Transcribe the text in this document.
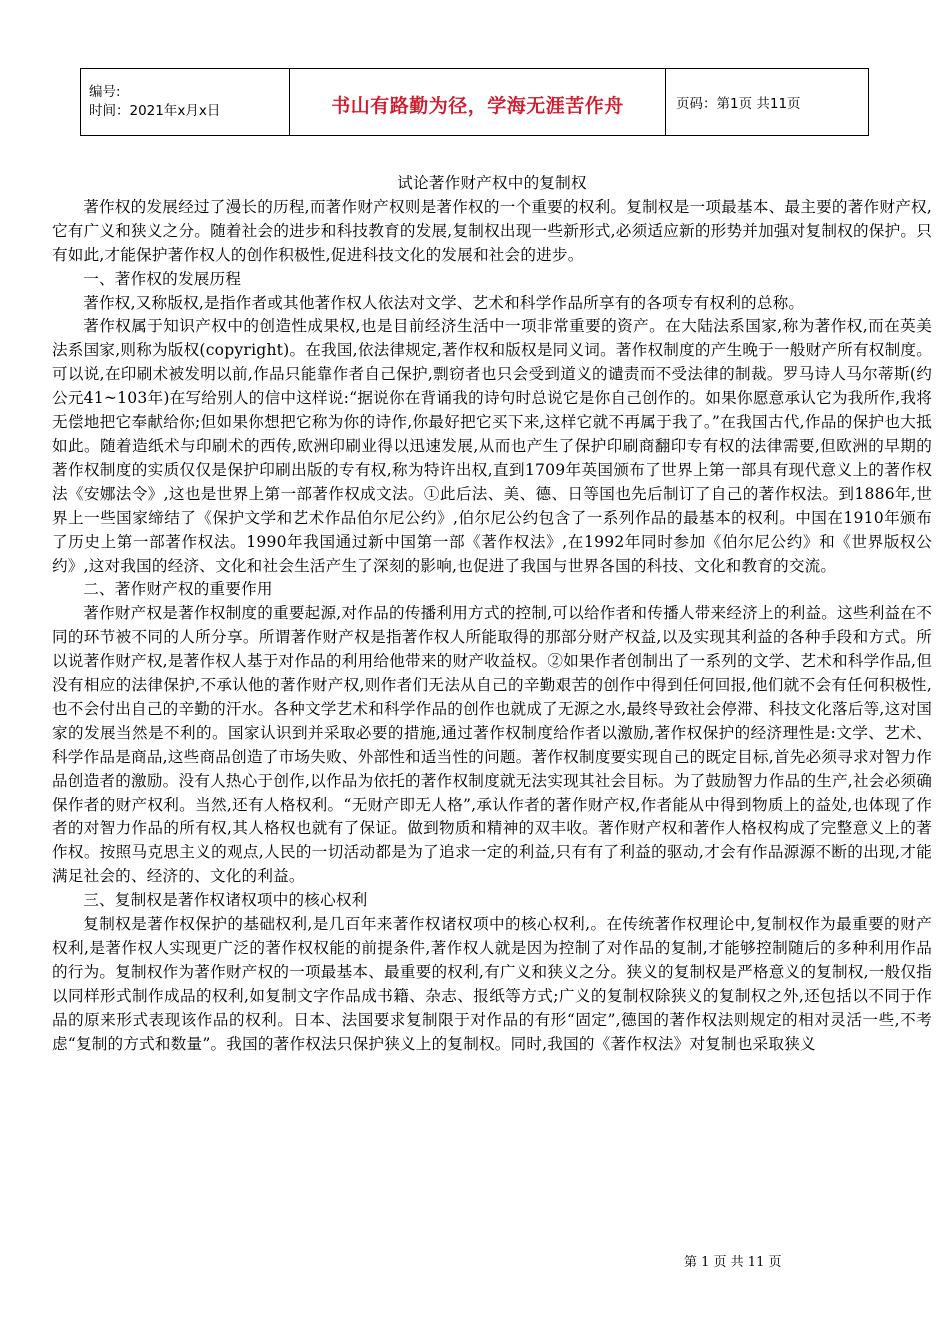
编号:
时间：2021年x月x日	书山有路勤为径，学海无涯苦作舟	页码：第1页 共11页
试论著作财产权中的复制权

著作权的发展经过了漫长的历程,而著作财产权则是著作权的一个重要的权利。复制权是一项最基本、最主要的著作财产权,它有广义和狭义之分。随着社会的进步和科技教育的发展,复制权出现一些新形式,必须适应新的形势并加强对复制权的保护。只有如此,才能保护著作权人的创作积极性,促进科技文化的发展和社会的进步。

一、著作权的发展历程

著作权,又称版权,是指作者或其他著作权人依法对文学、艺术和科学作品所享有的各项专有权利的总称。

著作权属于知识产权中的创造性成果权,也是目前经济生活中一项非常重要的资产。在大陆法系国家,称为著作权,而在英美法系国家,则称为版权(copyright)。在我国,依法律规定,著作权和版权是同义词。著作权制度的产生晚于一般财产所有权制度。可以说,在印刷术被发明以前,作品只能靠作者自己保护,剽窃者也只会受到道义的谴责而不受法律的制裁。罗马诗人马尔蒂斯(约公元41~103年)在写给别人的信中这样说:“据说你在背诵我的诗句时总说它是你自己创作的。如果你愿意承认它为我所作,我将无偿地把它奉献给你;但如果你想把它称为你的诗作,你最好把它买下来,这样它就不再属于我了。”在我国古代,作品的保护也大抵如此。随着造纸术与印刷术的西传,欧洲印刷业得以迅速发展,从而也产生了保护印刷商翻印专有权的法律需要,但欧洲的早期的著作权制度的实质仅仅是保护印刷出版的专有权,称为特许出权,直到1709年英国颁布了世界上第一部具有现代意义上的著作权法《安娜法令》,这也是世界上第一部著作权成文法。①此后法、美、德、日等国也先后制订了自己的著作权法。到1886年,世界上一些国家缔结了《保护文学和艺术作品伯尔尼公约》,伯尔尼公约包含了一系列作品的最基本的权利。中国在1910年颁布了历史上第一部著作权法。1990年我国通过新中国第一部《著作权法》,在1992年同时参加《伯尔尼公约》和《世界版权公约》,这对我国的经济、文化和社会生活产生了深刻的影响,也促进了我国与世界各国的科技、文化和教育的交流。

二、著作财产权的重要作用

著作财产权是著作权制度的重要起源,对作品的传播利用方式的控制,可以给作者和传播人带来经济上的利益。这些利益在不同的环节被不同的人所分享。所谓著作财产权是指著作权人所能取得的那部分财产权益,以及实现其利益的各种手段和方式。所以说著作财产权,是著作权人基于对作品的利用给他带来的财产收益权。②如果作者创制出了一系列的文学、艺术和科学作品,但没有相应的法律保护,不承认他的著作财产权,则作者们无法从自己的辛勤艰苦的创作中得到任何回报,他们就不会有任何积极性,也不会付出自己的辛勤的汗水。各种文学艺术和科学作品的创作也就成了无源之水,最终导致社会停滞、科技文化落后等,这对国家的发展当然是不利的。国家认识到并采取必要的措施,通过著作权制度给作者以激励,著作权保护的经济理性是:文学、艺术、科学作品是商品,这些商品创造了市场失败、外部性和适当性的问题。著作权制度要实现自己的既定目标,首先必须寻求对智力作品创造者的激励。没有人热心于创作,以作品为依托的著作权制度就无法实现其社会目标。为了鼓励智力作品的生产,社会必须确保作者的财产权利。当然,还有人格权利。“无财产即无人格”,承认作者的著作财产权,作者能从中得到物质上的益处,也体现了作者的对智力作品的所有权,其人格权也就有了保证。做到物质和精神的双丰收。著作财产权和著作人格权构成了完整意义上的著作权。按照马克思主义的观点,人民的一切活动都是为了追求一定的利益,只有有了利益的驱动,才会有作品源源不断的出现,才能满足社会的、经济的、文化的利益。

三、复制权是著作权诸权项中的核心权利

复制权是著作权保护的基础权利,是几百年来著作权诸权项中的核心权利,。在传统著作权理论中,复制权作为最重要的财产权利,是著作权人实现更广泛的著作权权能的前提条件,著作权人就是因为控制了对作品的复制,才能够控制随后的多种利用作品的行为。复制权作为著作财产权的一项最基本、最重要的权利,有广义和狭义之分。狭义的复制权是严格意义的复制权,一般仅指以同样形式制作成品的权利,如复制文字作品成书籍、杂志、报纸等方式;广义的复制权除狭义的复制权之外,还包括以不同于作品的原来形式表现该作品的权利。日本、法国要求复制限于对作品的有形“固定”,德国的著作权法则规定的相对灵活一些,不考虑“复制的方式和数量”。我国的著作权法只保护狭义上的复制权。同时,我国的《著作权法》对复制也采取狭义

第 1 页 共 11 页
